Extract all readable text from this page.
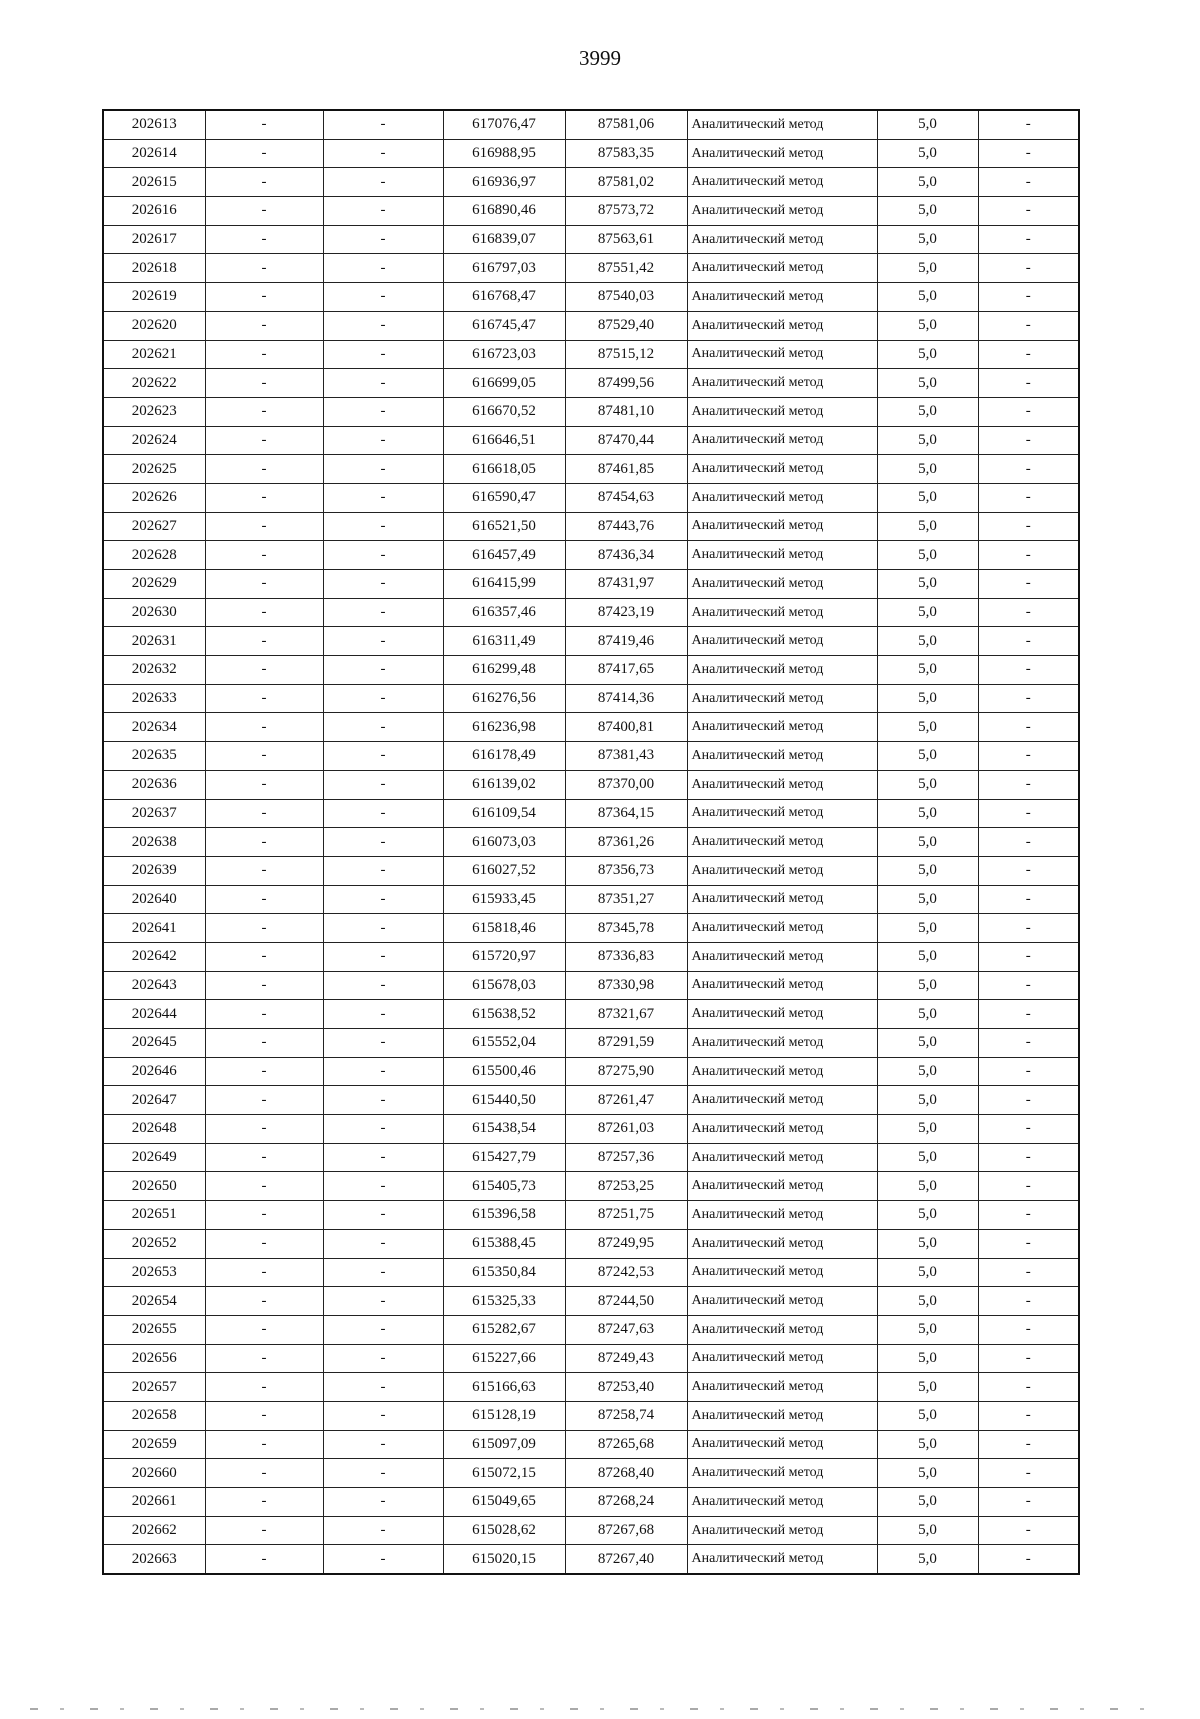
3999
202613	-	-	617076,47	87581,06	Аналитический метод	5,0	-
202614	-	-	616988,95	87583,35	Аналитический метод	5,0	-
202615	-	-	616936,97	87581,02	Аналитический метод	5,0	-
202616	-	-	616890,46	87573,72	Аналитический метод	5,0	-
202617	-	-	616839,07	87563,61	Аналитический метод	5,0	-
202618	-	-	616797,03	87551,42	Аналитический метод	5,0	-
202619	-	-	616768,47	87540,03	Аналитический метод	5,0	-
202620	-	-	616745,47	87529,40	Аналитический метод	5,0	-
202621	-	-	616723,03	87515,12	Аналитический метод	5,0	-
202622	-	-	616699,05	87499,56	Аналитический метод	5,0	-
202623	-	-	616670,52	87481,10	Аналитический метод	5,0	-
202624	-	-	616646,51	87470,44	Аналитический метод	5,0	-
202625	-	-	616618,05	87461,85	Аналитический метод	5,0	-
202626	-	-	616590,47	87454,63	Аналитический метод	5,0	-
202627	-	-	616521,50	87443,76	Аналитический метод	5,0	-
202628	-	-	616457,49	87436,34	Аналитический метод	5,0	-
202629	-	-	616415,99	87431,97	Аналитический метод	5,0	-
202630	-	-	616357,46	87423,19	Аналитический метод	5,0	-
202631	-	-	616311,49	87419,46	Аналитический метод	5,0	-
202632	-	-	616299,48	87417,65	Аналитический метод	5,0	-
202633	-	-	616276,56	87414,36	Аналитический метод	5,0	-
202634	-	-	616236,98	87400,81	Аналитический метод	5,0	-
202635	-	-	616178,49	87381,43	Аналитический метод	5,0	-
202636	-	-	616139,02	87370,00	Аналитический метод	5,0	-
202637	-	-	616109,54	87364,15	Аналитический метод	5,0	-
202638	-	-	616073,03	87361,26	Аналитический метод	5,0	-
202639	-	-	616027,52	87356,73	Аналитический метод	5,0	-
202640	-	-	615933,45	87351,27	Аналитический метод	5,0	-
202641	-	-	615818,46	87345,78	Аналитический метод	5,0	-
202642	-	-	615720,97	87336,83	Аналитический метод	5,0	-
202643	-	-	615678,03	87330,98	Аналитический метод	5,0	-
202644	-	-	615638,52	87321,67	Аналитический метод	5,0	-
202645	-	-	615552,04	87291,59	Аналитический метод	5,0	-
202646	-	-	615500,46	87275,90	Аналитический метод	5,0	-
202647	-	-	615440,50	87261,47	Аналитический метод	5,0	-
202648	-	-	615438,54	87261,03	Аналитический метод	5,0	-
202649	-	-	615427,79	87257,36	Аналитический метод	5,0	-
202650	-	-	615405,73	87253,25	Аналитический метод	5,0	-
202651	-	-	615396,58	87251,75	Аналитический метод	5,0	-
202652	-	-	615388,45	87249,95	Аналитический метод	5,0	-
202653	-	-	615350,84	87242,53	Аналитический метод	5,0	-
202654	-	-	615325,33	87244,50	Аналитический метод	5,0	-
202655	-	-	615282,67	87247,63	Аналитический метод	5,0	-
202656	-	-	615227,66	87249,43	Аналитический метод	5,0	-
202657	-	-	615166,63	87253,40	Аналитический метод	5,0	-
202658	-	-	615128,19	87258,74	Аналитический метод	5,0	-
202659	-	-	615097,09	87265,68	Аналитический метод	5,0	-
202660	-	-	615072,15	87268,40	Аналитический метод	5,0	-
202661	-	-	615049,65	87268,24	Аналитический метод	5,0	-
202662	-	-	615028,62	87267,68	Аналитический метод	5,0	-
202663	-	-	615020,15	87267,40	Аналитический метод	5,0	-
